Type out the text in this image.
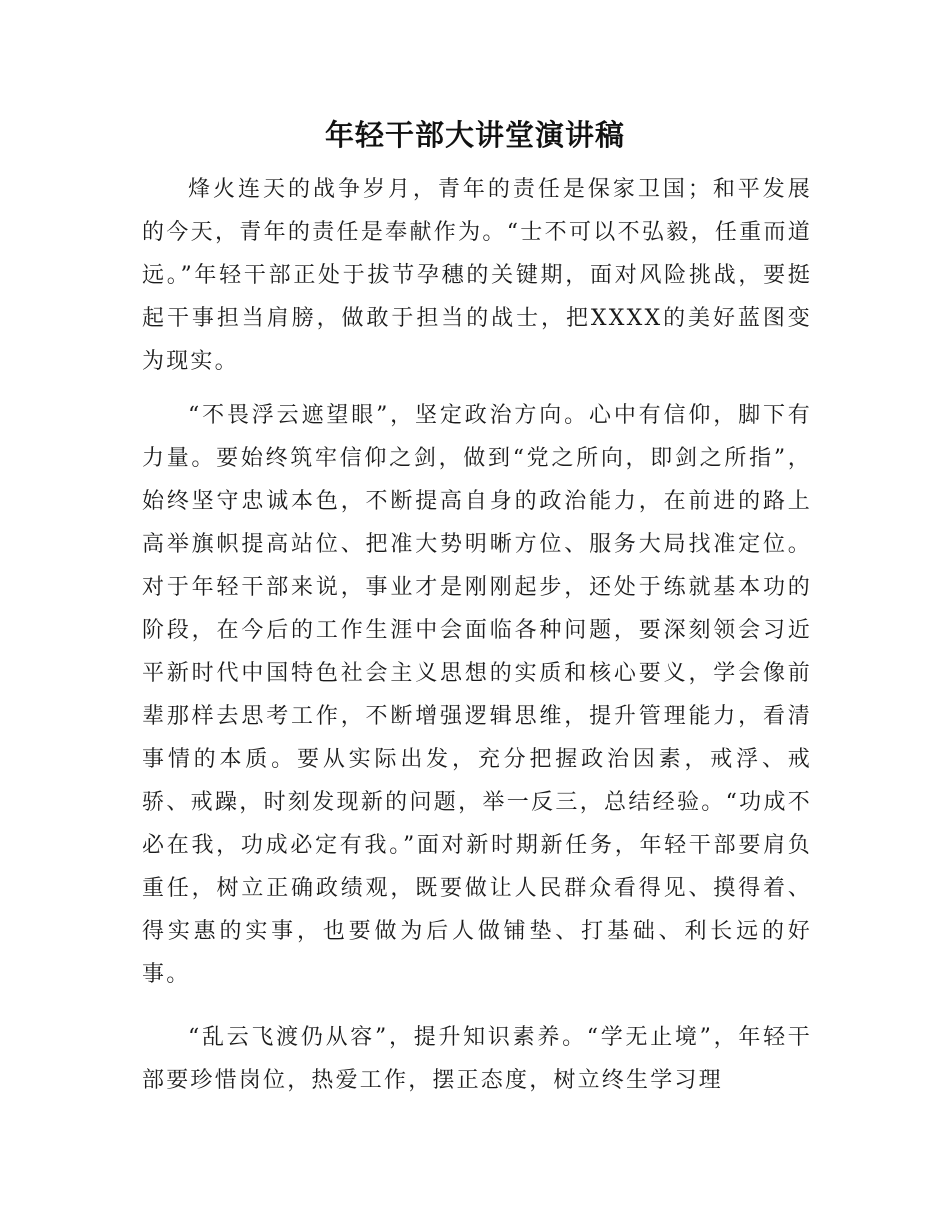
年轻干部大讲堂演讲稿

烽火连天的战争岁月，青年的责任是保家卫国；和平发展的今天，青年的责任是奉献作为。“士不可以不弘毅，任重而道远。”年轻干部正处于拔节孕穗的关键期，面对风险挑战，要挺起干事担当肩膀，做敢于担当的战士，把XXXX的美好蓝图变为现实。

“不畏浮云遮望眼”，坚定政治方向。心中有信仰，脚下有力量。要始终筑牢信仰之剑，做到“党之所向，即剑之所指”，始终坚守忠诚本色，不断提高自身的政治能力，在前进的路上高举旗帜提高站位、把准大势明晰方位、服务大局找准定位。对于年轻干部来说，事业才是刚刚起步，还处于练就基本功的阶段，在今后的工作生涯中会面临各种问题，要深刻领会习近平新时代中国特色社会主义思想的实质和核心要义，学会像前辈那样去思考工作，不断增强逻辑思维，提升管理能力，看清事情的本质。要从实际出发，充分把握政治因素，戒浮、戒骄、戒躁，时刻发现新的问题，举一反三，总结经验。“功成不必在我，功成必定有我。”面对新时期新任务，年轻干部要肩负重任，树立正确政绩观，既要做让人民群众看得见、摸得着、得实惠的实事，也要做为后人做铺垫、打基础、利长远的好事。

“乱云飞渡仍从容”，提升知识素养。“学无止境”，年轻干部要珍惜岗位，热爱工作，摆正态度，树立终生学习理
